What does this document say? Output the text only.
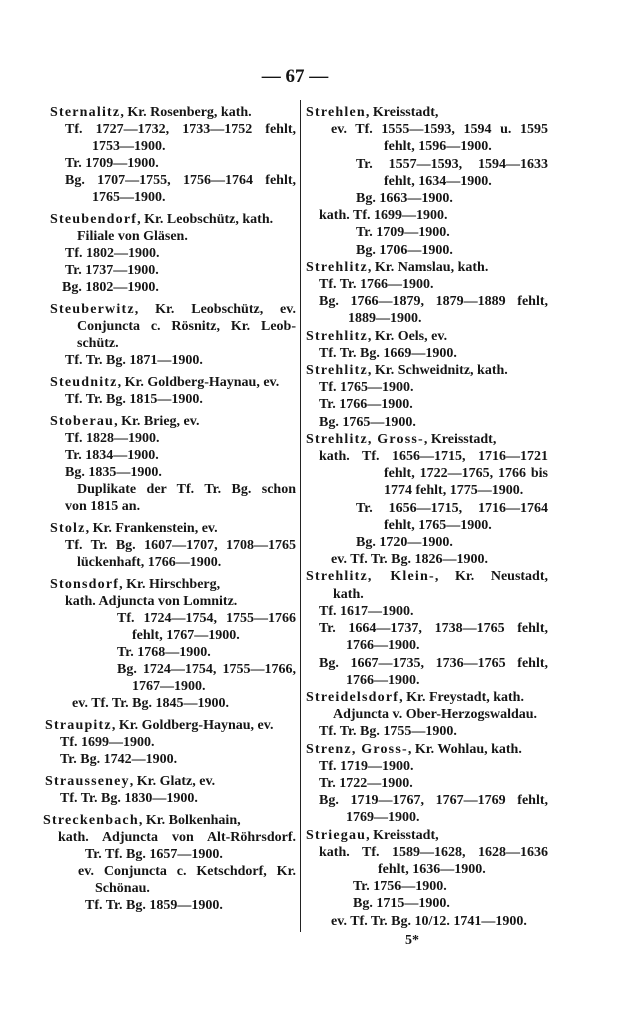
— 67 —
Sternalitz, Kr. Rosenberg, kath.
Tf. 1727—1732, 1733—1752 fehlt,
1753—1900.
Tr. 1709—1900.
Bg. 1707—1755, 1756—1764 fehlt,
1765—1900.
Steubendorf, Kr. Leobschütz, kath.
Filiale von Gläsen.
Tf. 1802—1900.
Tr. 1737—1900.
Bg. 1802—1900.
Steuberwitz, Kr. Leobschütz, ev.
Conjuncta c. Rösnitz, Kr. Leob-
schütz.
Tf. Tr. Bg. 1871—1900.
Steudnitz, Kr. Goldberg-Haynau, ev.
Tf. Tr. Bg. 1815—1900.
Stoberau, Kr. Brieg, ev.
Tf. 1828—1900.
Tr. 1834—1900.
Bg. 1835—1900.
Duplikate der Tf. Tr. Bg. schon
von 1815 an.
Stolz, Kr. Frankenstein, ev.
Tf. Tr. Bg. 1607—1707, 1708—1765
lückenhaft, 1766—1900.
Stonsdorf, Kr. Hirschberg,
kath. Adjuncta von Lomnitz.
Tf. 1724—1754, 1755—1766
fehlt, 1767—1900.
Tr. 1768—1900.
Bg. 1724—1754, 1755—1766,
1767—1900.
ev. Tf. Tr. Bg. 1845—1900.
Straupitz, Kr. Goldberg-Haynau, ev.
Tf. 1699—1900.
Tr. Bg. 1742—1900.
Strausseney, Kr. Glatz, ev.
Tf. Tr. Bg. 1830—1900.
Streckenbach, Kr. Bolkenhain,
kath. Adjuncta von Alt-Röhrsdorf.
Tr. Tf. Bg. 1657—1900.
ev. Conjuncta c. Ketschdorf, Kr.
Schönau.
Tf. Tr. Bg. 1859—1900.
Strehlen, Kreisstadt,
ev. Tf. 1555—1593, 1594 u. 1595
fehlt, 1596—1900.
Tr. 1557—1593, 1594—1633
fehlt, 1634—1900.
Bg. 1663—1900.
kath. Tf. 1699—1900.
Tr. 1709—1900.
Bg. 1706—1900.
Strehlitz, Kr. Namslau, kath.
Tf. Tr. 1766—1900.
Bg. 1766—1879, 1879—1889 fehlt,
1889—1900.
Strehlitz, Kr. Oels, ev.
Tf. Tr. Bg. 1669—1900.
Strehlitz, Kr. Schweidnitz, kath.
Tf. 1765—1900.
Tr. 1766—1900.
Bg. 1765—1900.
Strehlitz, Gross-, Kreisstadt,
kath. Tf. 1656—1715, 1716—1721
fehlt, 1722—1765, 1766 bis
1774 fehlt, 1775—1900.
Tr. 1656—1715, 1716—1764
fehlt, 1765—1900.
Bg. 1720—1900.
ev. Tf. Tr. Bg. 1826—1900.
Strehlitz, Klein-, Kr. Neustadt,
kath.
Tf. 1617—1900.
Tr. 1664—1737, 1738—1765 fehlt,
1766—1900.
Bg. 1667—1735, 1736—1765 fehlt,
1766—1900.
Streidelsdorf, Kr. Freystadt, kath.
Adjuncta v. Ober-Herzogswaldau.
Tf. Tr. Bg. 1755—1900.
Strenz, Gross-, Kr. Wohlau, kath.
Tf. 1719—1900.
Tr. 1722—1900.
Bg. 1719—1767, 1767—1769 fehlt,
1769—1900.
Striegau, Kreisstadt,
kath. Tf. 1589—1628, 1628—1636
fehlt, 1636—1900.
Tr. 1756—1900.
Bg. 1715—1900.
ev. Tf. Tr. Bg. 10/12. 1741—1900.
5*
